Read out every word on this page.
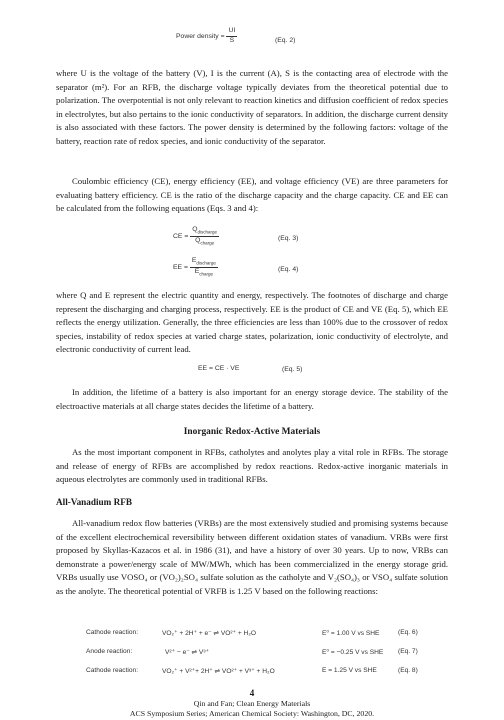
Power density = $\frac{UI}{S}$	(Eq. 2)

where U is the voltage of the battery (V), I is the current (A), S is the contacting area of electrode with the separator (m²). For an RFB, the discharge voltage typically deviates from the theoretical potential due to polarization. The overpotential is not only relevant to reaction kinetics and diffusion coefficient of redox species in electrolytes, but also pertains to the ionic conductivity of separators. In addition, the discharge current density is also associated with these factors. The power density is determined by the following factors: voltage of the battery, reaction rate of redox species, and ionic conductivity of the separator.

Coulombic efficiency (CE), energy efficiency (EE), and voltage efficiency (VE) are three parameters for evaluating battery efficiency. CE is the ratio of the discharge capacity and the charge capacity. CE and EE can be calculated from the following equations (Eqs. 3 and 4):

CE = $\frac{Q_{discharge}}{Q_{charge}}$	(Eq. 3)
EE = $\frac{E_{discharge}}{E_{charge}}$	(Eq. 4)

where Q and E represent the electric quantity and energy, respectively. The footnotes of discharge and charge represent the discharging and charging process, respectively. EE is the product of CE and VE (Eq. 5), which EE reflects the energy utilization. Generally, the three efficiencies are less than 100% due to the crossover of redox species, instability of redox species at varied charge states, polarization, ionic conductivity of electrolyte, and electronic conductivity of current lead.

EE = CE · VE	(Eq. 5)

In addition, the lifetime of a battery is also important for an energy storage device. The stability of the electroactive materials at all charge states decides the lifetime of a battery.

Inorganic Redox-Active Materials

As the most important component in RFBs, catholytes and anolytes play a vital role in RFBs. The storage and release of energy of RFBs are accomplished by redox reactions. Redox-active inorganic materials in aqueous electrolytes are commonly used in traditional RFBs.

All-Vanadium RFB

All-vanadium redox flow batteries (VRBs) are the most extensively studied and promising systems because of the excellent electrochemical reversibility between different oxidation states of vanadium. VRBs were first proposed by Skyllas-Kazacos et al. in 1986 (31), and have a history of over 30 years. Up to now, VRBs can demonstrate a power/energy scale of MW/MWh, which has been commercialized in the energy storage grid. VRBs usually use VOSO₄ or (VO₂)₂SO₄ sulfate solution as the catholyte and V₂(SO₄)₃ or VSO₄ sulfate solution as the anolyte. The theoretical potential of VRFB is 1.25 V based on the following reactions:

Cathode reaction:	VO₂⁺ + 2H⁺ + e⁻ ⇌ VO²⁺ + H₂O	E⁰ = 1.00 V vs SHE	(Eq. 6)
Anode reaction:	V²⁺ − e⁻ ⇌ V³⁺	E⁰ = −0.25 V vs SHE (Eq. 7)
Cathode reaction:	VO₂⁺ + V²⁺+ 2H⁺ ⇌ VO²⁺ + V³⁺ + H₂O	E = 1.25 V vs SHE	(Eq. 8)

4

Qin and Fan; Clean Energy Materials

ACS Symposium Series; American Chemical Society: Washington, DC, 2020.
